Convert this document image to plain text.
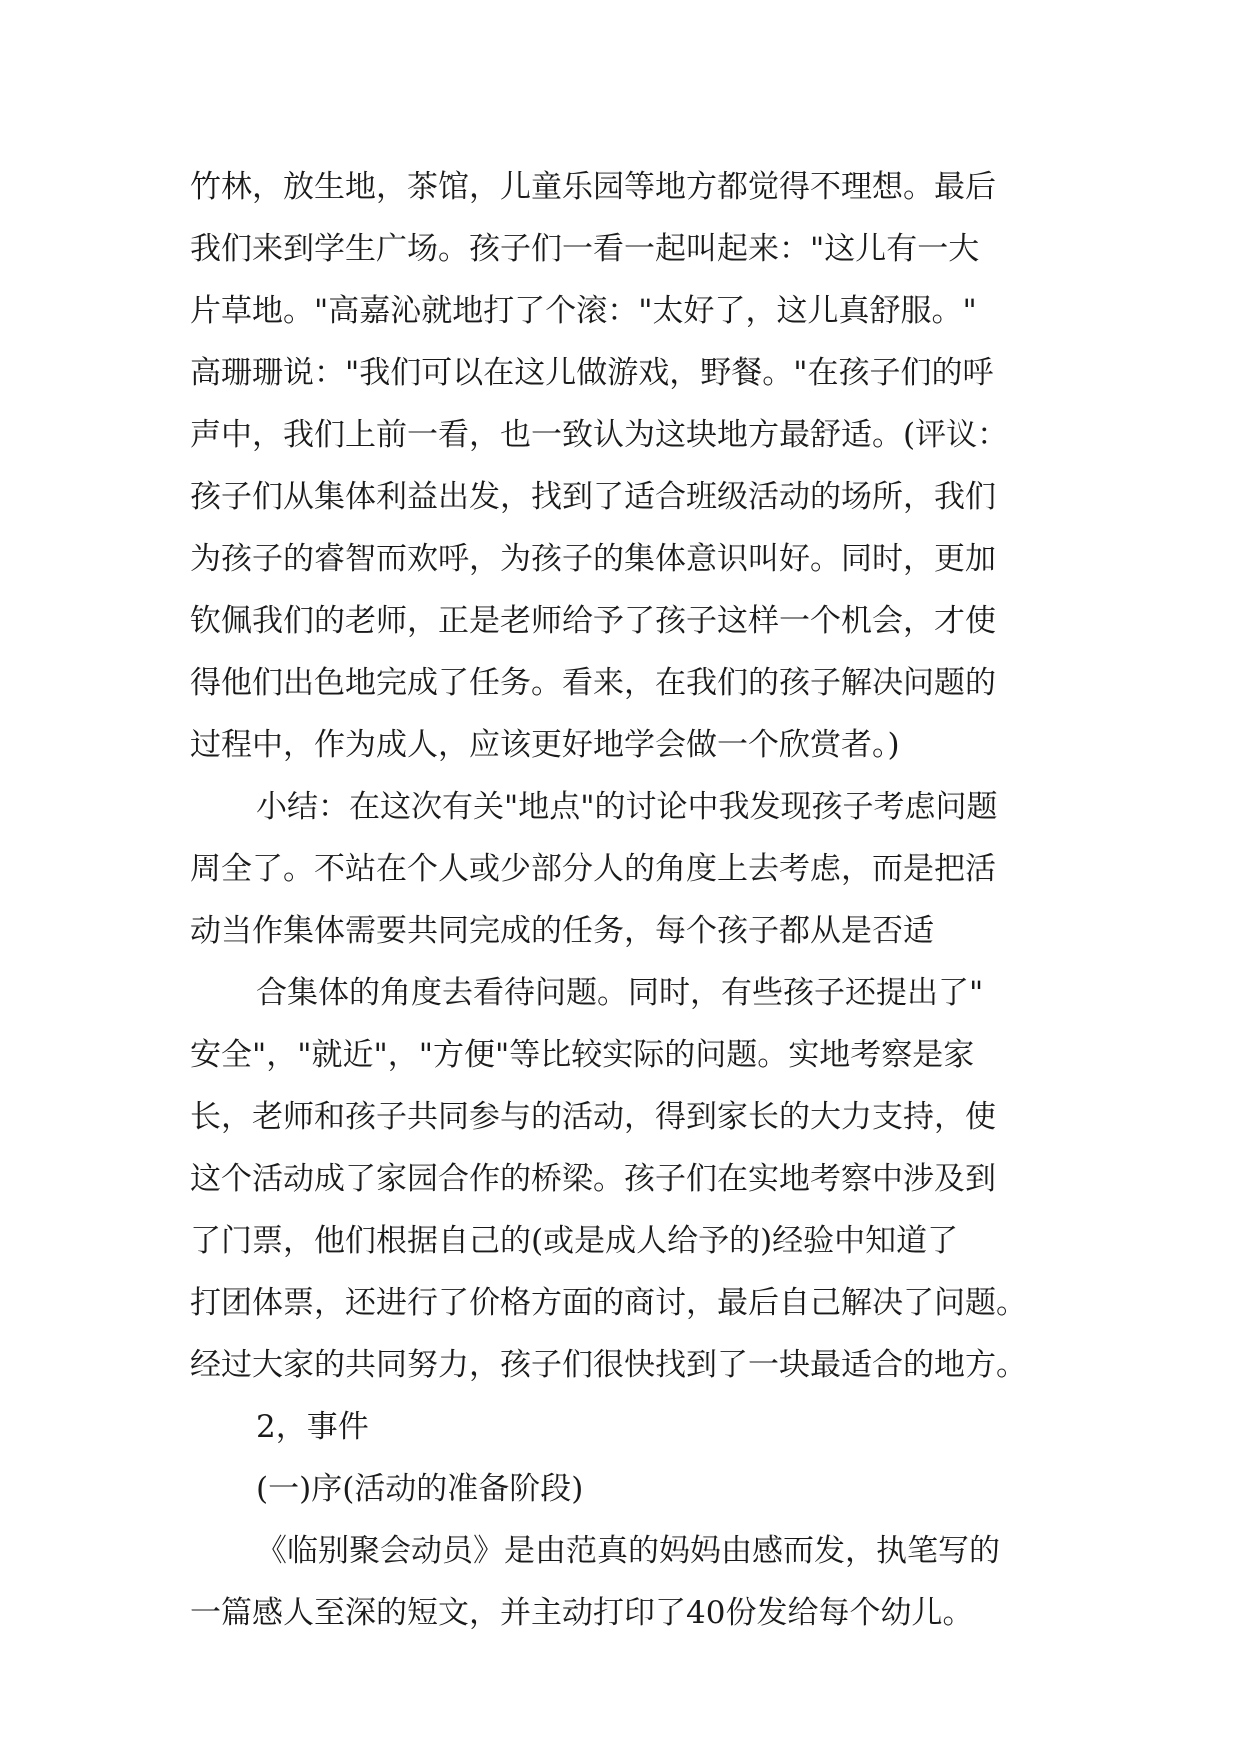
竹林，放生地，茶馆，儿童乐园等地方都觉得不理想。最后

我们来到学生广场。孩子们一看一起叫起来："这儿有一大

片草地。"高嘉沁就地打了个滚："太好了，这儿真舒服。"

高珊珊说："我们可以在这儿做游戏，野餐。"在孩子们的呼

声中，我们上前一看，也一致认为这块地方最舒适。(评议：

孩子们从集体利益出发，找到了适合班级活动的场所，我们

为孩子的睿智而欢呼，为孩子的集体意识叫好。同时，更加

钦佩我们的老师，正是老师给予了孩子这样一个机会，才使

得他们出色地完成了任务。看来，在我们的孩子解决问题的

过程中，作为成人，应该更好地学会做一个欣赏者。)

小结：在这次有关"地点"的讨论中我发现孩子考虑问题

周全了。不站在个人或少部分人的角度上去考虑，而是把活

动当作集体需要共同完成的任务，每个孩子都从是否适

合集体的角度去看待问题。同时，有些孩子还提出了"

安全"，"就近"，"方便"等比较实际的问题。实地考察是家

长，老师和孩子共同参与的活动，得到家长的大力支持，使

这个活动成了家园合作的桥梁。孩子们在实地考察中涉及到

了门票，他们根据自己的(或是成人给予的)经验中知道了

打团体票，还进行了价格方面的商讨，最后自己解决了问题。

经过大家的共同努力，孩子们很快找到了一块最适合的地方。

2，事件

(一)序(活动的准备阶段)

《临别聚会动员》是由范真的妈妈由感而发，执笔写的

一篇感人至深的短文，并主动打印了40份发给每个幼儿。
